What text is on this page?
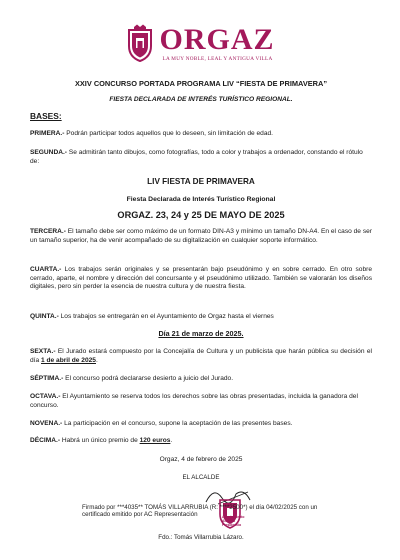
ORGAZ
LA MUY NOBLE, LEAL Y ANTIGUA VILLA
XXIV CONCURSO PORTADA PROGRAMA LIV “FIESTA DE PRIMAVERA”
FIESTA DECLARADA DE INTERÉS TURÍSTICO REGIONAL.
BASES:
PRIMERA.- Podrán participar todos aquellos que lo deseen, sin limitación de edad.
SEGUNDA.- Se admitirán tanto dibujos, como fotografías, todo a color y trabajos a ordenador, constando el rótulo de:
LIV FIESTA DE PRIMAVERA
Fiesta Declarada de Interés Turístico Regional
ORGAZ. 23, 24 y 25 DE MAYO DE 2025
TERCERA.- El tamaño debe ser como máximo de un formato DIN-A3 y mínimo un tamaño DN-A4. En el caso de ser un tamaño superior, ha de venir acompañado de su digitalización en cualquier soporte informático.
CUARTA.- Los trabajos serán originales y se presentarán bajo pseudónimo y en sobre cerrado. En otro sobre cerrado, aparte, el nombre y dirección del concursante y el pseudónimo utilizado. También se valorarán los diseños digitales, pero sin perder la esencia de nuestra cultura y de nuestra fiesta.
QUINTA.- Los trabajos se entregarán en el Ayuntamiento de Orgaz hasta el viernes
Día 21 de marzo de 2025.
SEXTA.- El Jurado estará compuesto por la Concejalía de Cultura y un publicista que harán pública su decisión el día 1 de abril de 2025.
SÉPTIMA.- El concurso podrá declararse desierto a juicio del Jurado.
OCTAVA.- El Ayuntamiento se reserva todos los derechos sobre las obras presentadas, incluida la ganadora del concurso.
NOVENA.- La participación en el concurso, supone la aceptación de las presentes bases.
DÉCIMA.- Habrá un único premio de 120 euros.
Orgaz, 4 de febrero de 2025
EL ALCALDE
Ayuntamiento Alcaldía Presidencia
Firmado por ***4035** TOMÁS VILLARRUBIA (R: ****2500*) el día 04/02/2025 con un certificado emitido por AC Representación
Fdo.: Tomás Villarrubia Lázaro.
